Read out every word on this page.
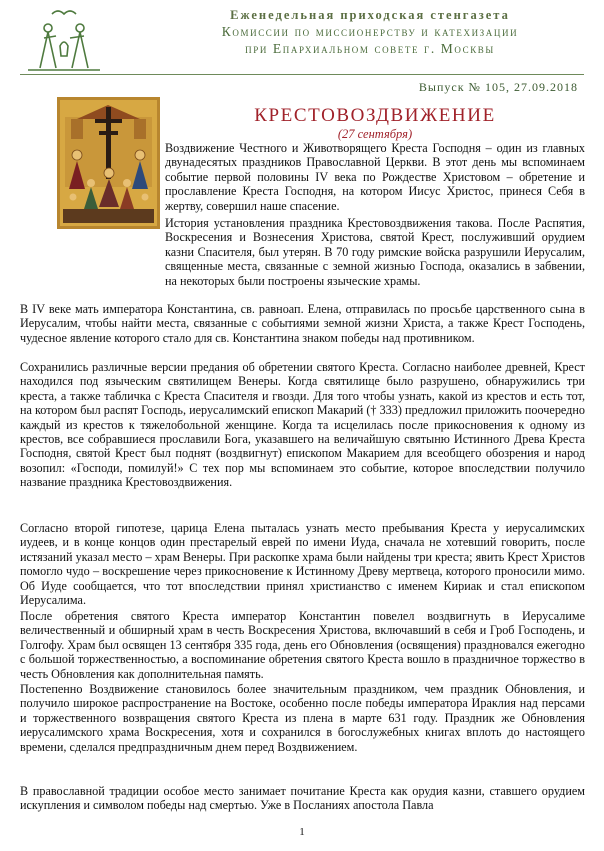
Еженедельная приходская стенгазета
Комиссии по миссионерству и катехизации
при Епархиальном совете г. Москвы
Выпуск № 105, 27.09.2018
КРЕСТОВОЗДВИЖЕНИЕ
(27 сентября)

Воздвижение Честного и Животворящего Креста Господня – один из главных двунадесятых праздников Православной Церкви. В этот день мы вспоминаем событие первой половины IV века по Рождестве Христовом – обретение и прославление Креста Господня, на котором Иисус Христос, принеся Себя в жертву, совершил наше спасение.

История установления праздника Крестовоздвижения такова. После Распятия, Воскресения и Вознесения Христова, святой Крест, послуживший орудием казни Спасителя, был утерян. В 70 году римские войска разрушили Иерусалим, священные места, связанные с земной жизнью Господа, оказались в забвении, на некоторых были построены языческие храмы.

В IV веке мать императора Константина, св. равноап. Елена, отправилась по просьбе царственного сына в Иерусалим, чтобы найти места, связанные с событиями земной жизни Христа, а также Крест Господень, чудесное явление которого стало для св. Константина знаком победы над противником.

Сохранились различные версии предания об обретении святого Креста. Согласно наиболее древней, Крест находился под языческим святилищем Венеры. Когда святилище было разрушено, обнаружились три креста, а также табличка с Креста Спасителя и гвозди. Для того чтобы узнать, какой из крестов и есть тот, на котором был распят Господь, иерусалимский епископ Макарий († 333) предложил приложить поочередно каждый из крестов к тяжелобольной женщине. Когда та исцелилась после прикосновения к одному из крестов, все собравшиеся прославили Бога, указавшего на величайшую святыню Истинного Древа Креста Господня, святой Крест был поднят (воздвигнут) епископом Макарием для всеобщего обозрения и народ возопил: «Господи, помилуй!» С тех пор мы вспоминаем это событие, которое впоследствии получило название праздника Крестовоздвижения.

Согласно второй гипотезе, царица Елена пыталась узнать место пребывания Креста у иерусалимских иудеев, и в конце концов один престарелый еврей по имени Иуда, сначала не хотевший говорить, после истязаний указал место – храм Венеры. При раскопке храма были найдены три креста; явить Крест Христов помогло чудо – воскрешение через прикосновение к Истинному Древу мертвеца, которого проносили мимо. Об Иуде сообщается, что тот впоследствии принял христианство с именем Кириак и стал епископом Иерусалима.

После обретения святого Креста император Константин повелел воздвигнуть в Иерусалиме величественный и обширный храм в честь Воскресения Христова, включавший в себя и Гроб Господень, и Голгофу. Храм был освящен 13 сентября 335 года, день его Обновления (освящения) праздновался ежегодно с большой торжественностью, а воспоминание обретения святого Креста вошло в праздничное торжество в честь Обновления как дополнительная память.

Постепенно Воздвижение становилось более значительным праздником, чем праздник Обновления, и получило широкое распространение на Востоке, особенно после победы императора Ираклия над персами и торжественного возвращения святого Креста из плена в марте 631 году. Праздник же Обновления иерусалимского храма Воскресения, хотя и сохранился в богослужебных книгах вплоть до настоящего времени, сделался предпраздничным днем перед Воздвижением.

В православной традиции особое место занимает почитание Креста как орудия казни, ставшего орудием искупления и символом победы над смертью. Уже в Посланиях апостола Павла

1
